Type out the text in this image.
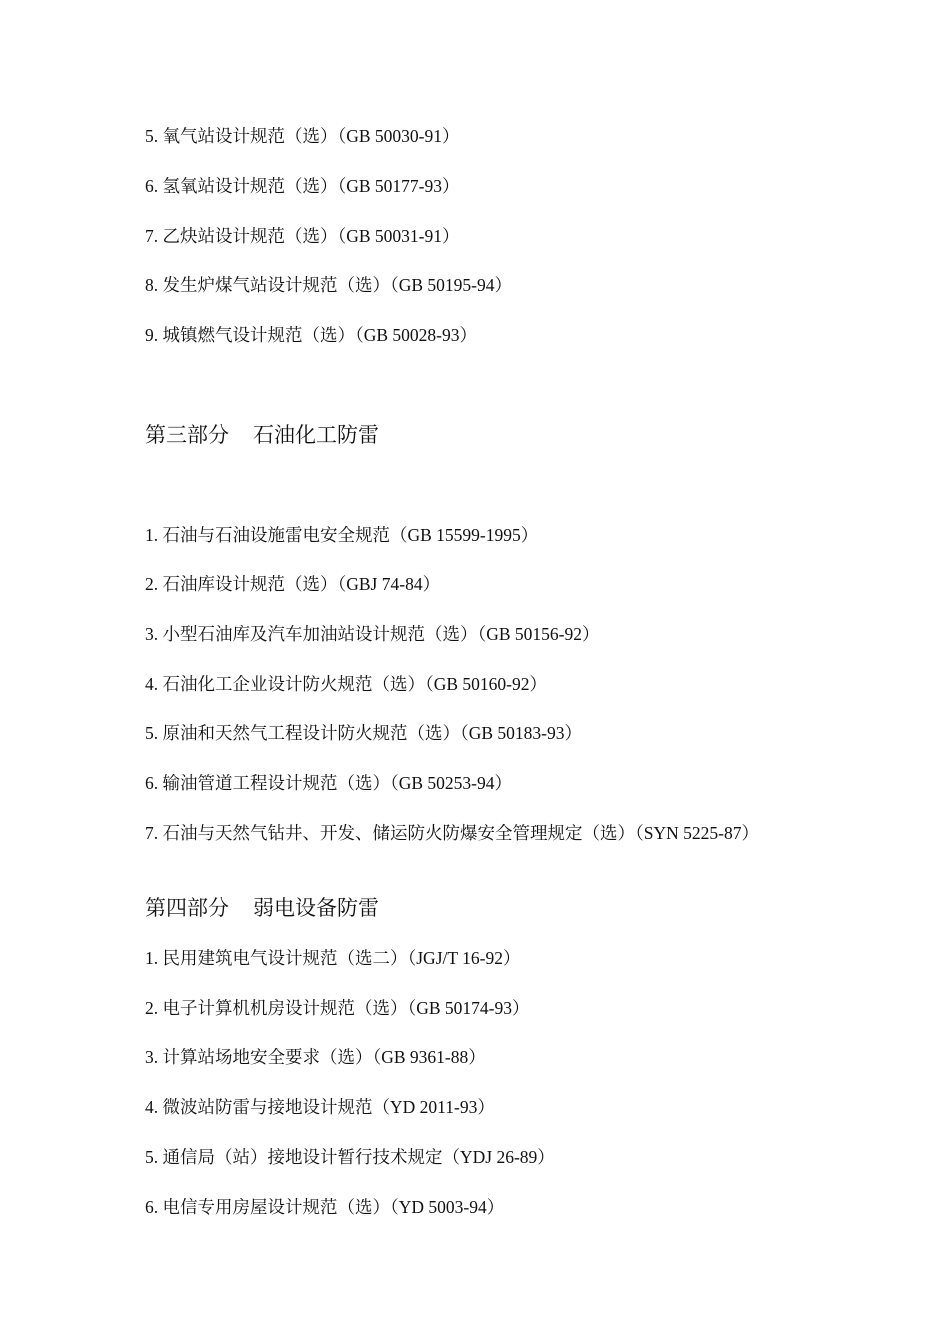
5. 氧气站设计规范（选）（GB 50030-91）
6. 氢氧站设计规范（选）（GB 50177-93）
7. 乙炔站设计规范（选）（GB 50031-91）
8. 发生炉煤气站设计规范（选）（GB 50195-94）
9. 城镇燃气设计规范（选）（GB 50028-93）
第三部分 石油化工防雷
1. 石油与石油设施雷电安全规范（GB 15599-1995）
2. 石油库设计规范（选）（GBJ 74-84）
3. 小型石油库及汽车加油站设计规范（选）（GB 50156-92）
4. 石油化工企业设计防火规范（选）（GB 50160-92）
5. 原油和天然气工程设计防火规范（选）（GB 50183-93）
6. 输油管道工程设计规范（选）（GB 50253-94）
7. 石油与天然气钻井、开发、储运防火防爆安全管理规定（选）（SYN 5225-87）
第四部分 弱电设备防雷
1. 民用建筑电气设计规范（选二）（JGJ/T 16-92）
2. 电子计算机机房设计规范（选）（GB 50174-93）
3. 计算站场地安全要求（选）（GB 9361-88）
4. 微波站防雷与接地设计规范（YD 2011-93）
5. 通信局（站）接地设计暂行技术规定（YDJ 26-89）
6. 电信专用房屋设计规范（选）（YD 5003-94）
